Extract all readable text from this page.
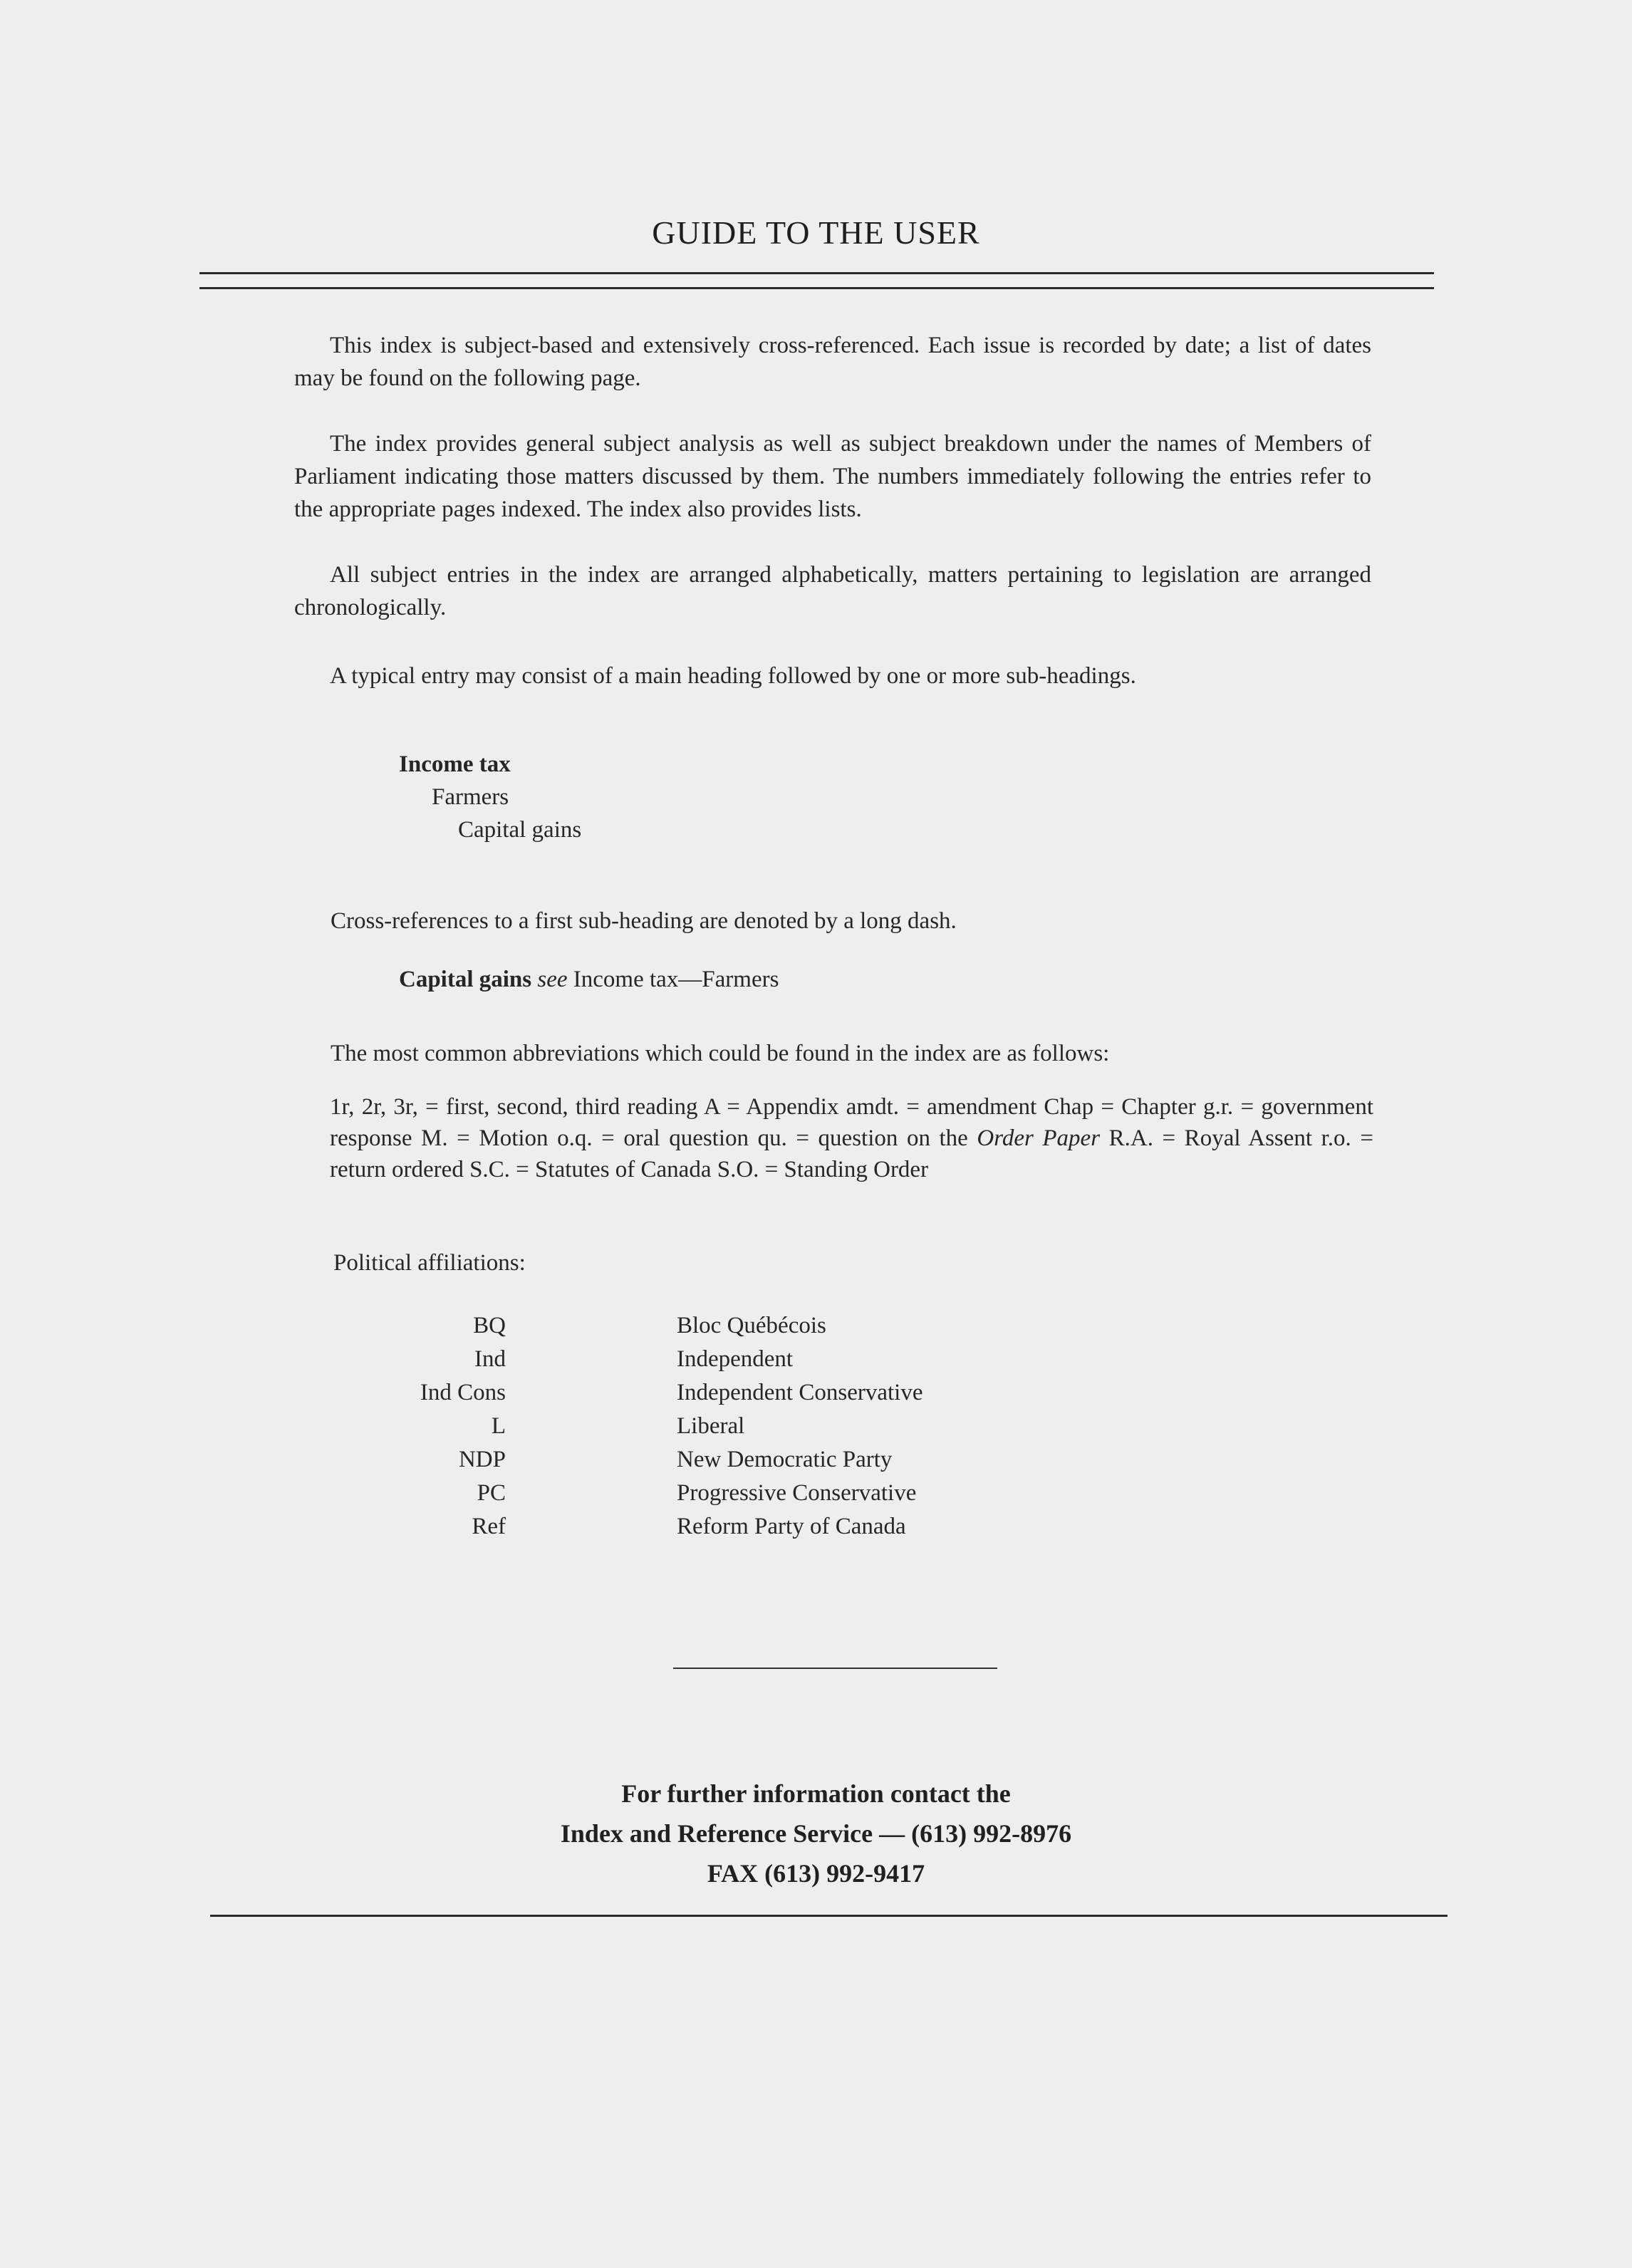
GUIDE TO THE USER

This index is subject-based and extensively cross-referenced. Each issue is recorded by date; a list of dates may be found on the following page.

The index provides general subject analysis as well as subject breakdown under the names of Members of Parliament indicating those matters discussed by them. The numbers immediately following the entries refer to the appropriate pages indexed. The index also provides lists.

All subject entries in the index are arranged alphabetically, matters pertaining to legislation are arranged chronologically.

A typical entry may consist of a main heading followed by one or more sub-headings.

Income tax
Farmers
Capital gains
Cross-references to a first sub-heading are denoted by a long dash.
Capital gains see Income tax—Farmers
The most common abbreviations which could be found in the index are as follows:
1r, 2r, 3r, = first, second, third reading A = Appendix amdt. = amendment Chap = Chapter g.r. = government response M. = Motion o.q. = oral question qu. = question on the Order Paper R.A. = Royal Assent r.o. = return ordered S.C. = Statutes of Canada S.O. = Standing Order
Political affiliations:
BQ	Bloc Québécois
Ind	Independent
Ind Cons	Independent Conservative
L	Liberal
NDP	New Democratic Party
PC	Progressive Conservative
Ref	Reform Party of Canada
For further information contact the
Index and Reference Service — (613) 992-8976
FAX (613) 992-9417
